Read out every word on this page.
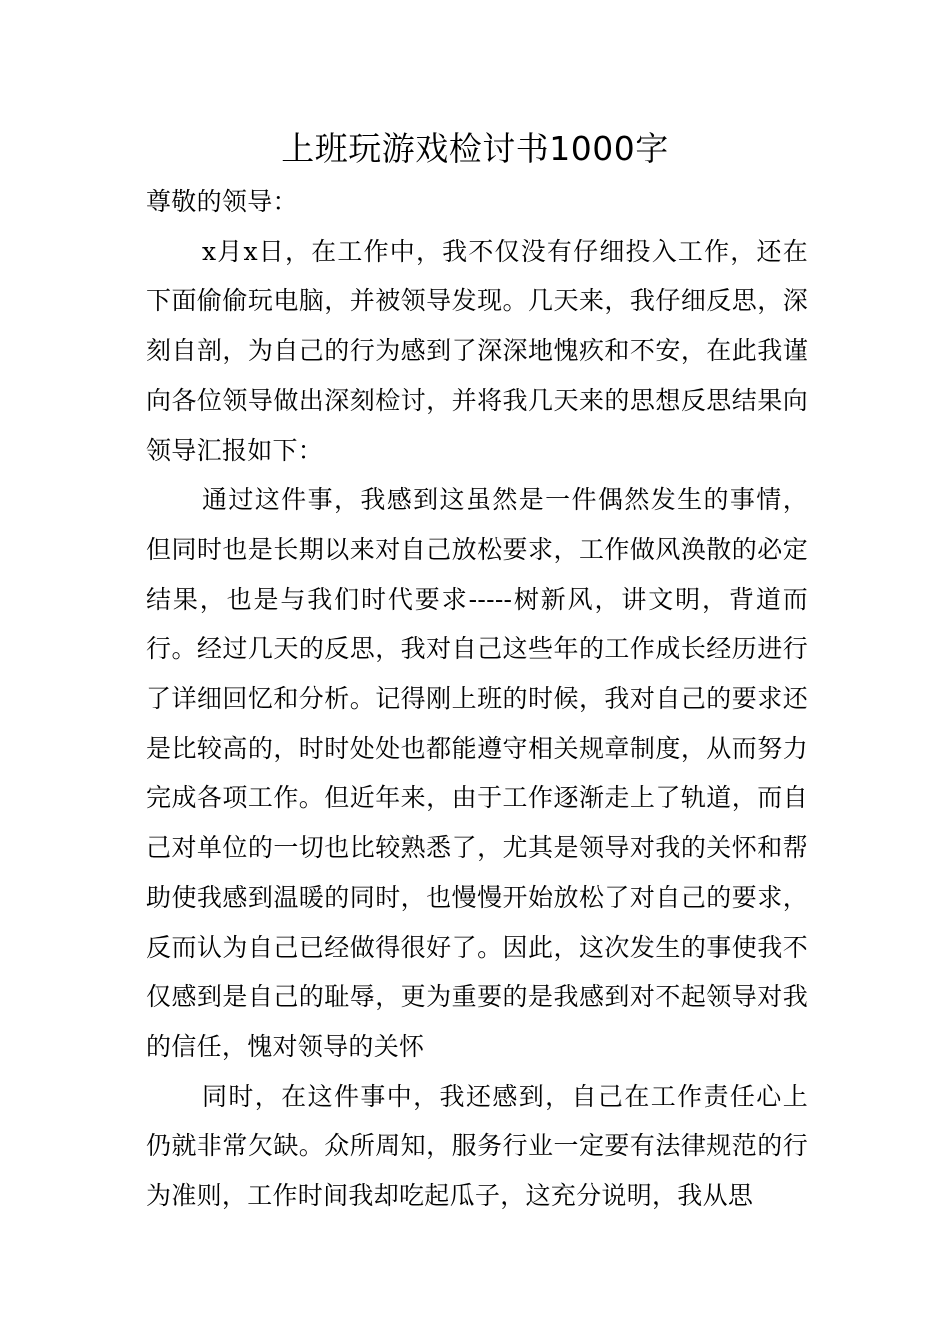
上班玩游戏检讨书1000字

尊敬的领导：

x月x日，在工作中，我不仅没有仔细投入工作，还在下面偷偷玩电脑，并被领导发现。几天来，我仔细反思，深刻自剖，为自己的行为感到了深深地愧疚和不安，在此我谨向各位领导做出深刻检讨，并将我几天来的思想反思结果向领导汇报如下：

通过这件事，我感到这虽然是一件偶然发生的事情，但同时也是长期以来对自己放松要求，工作做风涣散的必定结果，也是与我们时代要求-----树新风，讲文明，背道而行。经过几天的反思，我对自己这些年的工作成长经历进行了详细回忆和分析。记得刚上班的时候，我对自己的要求还是比较高的，时时处处也都能遵守相关规章制度，从而努力完成各项工作。但近年来，由于工作逐渐走上了轨道，而自己对单位的一切也比较熟悉了，尤其是领导对我的关怀和帮助使我感到温暖的同时，也慢慢开始放松了对自己的要求，反而认为自己已经做得很好了。因此，这次发生的事使我不仅感到是自己的耻辱，更为重要的是我感到对不起领导对我的信任，愧对领导的关怀

同时，在这件事中，我还感到，自己在工作责任心上仍就非常欠缺。众所周知，服务行业一定要有法律规范的行为准则，工作时间我却吃起瓜子，这充分说明，我从思
